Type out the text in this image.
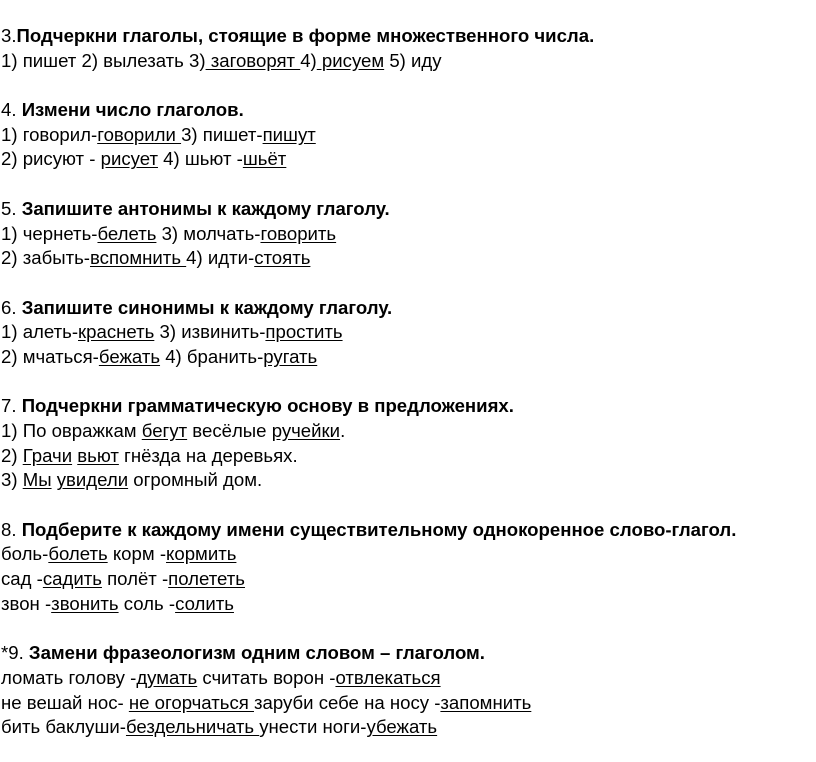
3.Подчеркни глаголы, стоящие в форме множественного числа.
1) пишет 2) вылезать 3) заговорят 4) рисуем 5) иду
4. Измени число глаголов.
1) говорил-говорили 3) пишет-пишут
2) рисуют - рисует 4) шьют -шьёт
5. Запишите антонимы к каждому глаголу.
1) чернеть-белеть 3) молчать-говорить
2) забыть-вспомнить 4) идти-стоять
6. Запишите синонимы к каждому глаголу.
1) алеть-краснеть 3) извинить-простить
2) мчаться-бежать 4) бранить-ругать
7. Подчеркни грамматическую основу в предложениях.
1) По овражкам бегут весёлые ручейки.
2) Грачи вьют гнёзда на деревьях.
3) Мы увидели огромный дом.
8. Подберите к каждому имени существительному однокоренное слово-глагол.
боль-болеть корм -кормить
сад -садить полёт -полететь
звон -звонить соль -солить
*9. Замени фразеологизм одним словом – глаголом.
ломать голову -думать считать ворон -отвлекаться
не вешай нос- не огорчаться заруби себе на носу -запомнить
бить баклуши-бездельничать унести ноги-убежать
